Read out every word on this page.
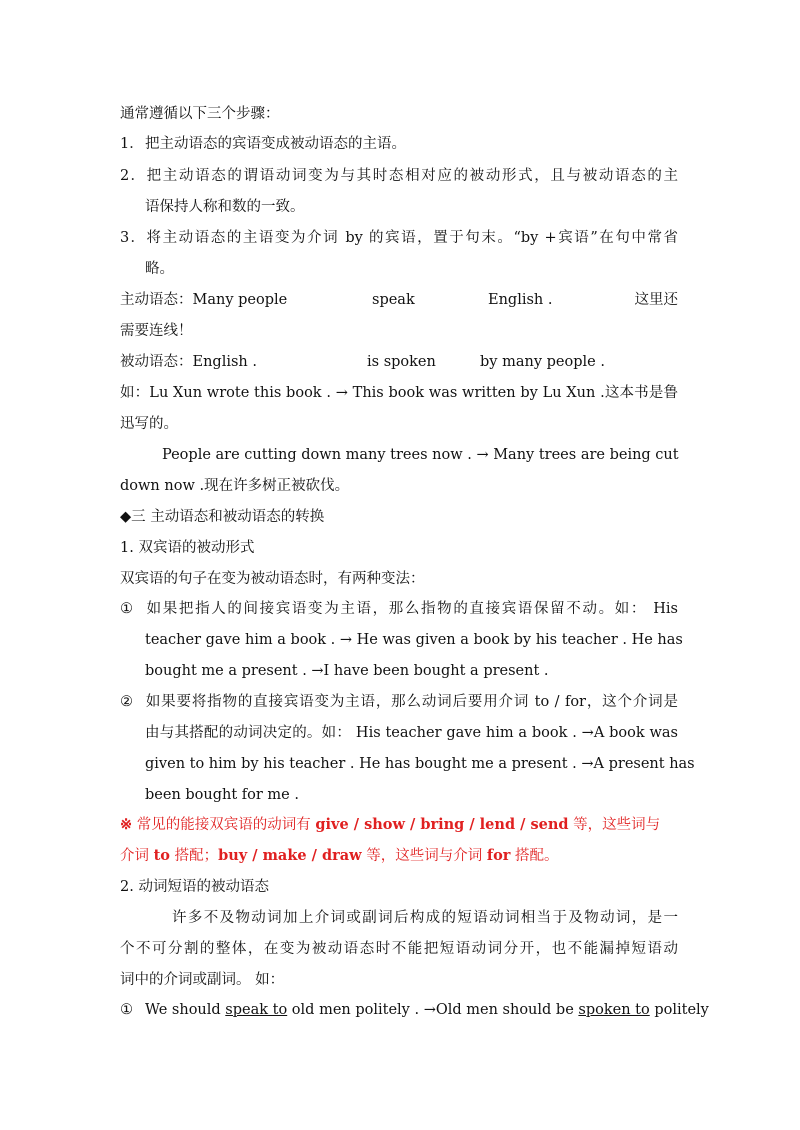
通常遵循以下三个步骤：
1．把主动语态的宾语变成被动语态的主语。
2．把主动语态的谓语动词变为与其时态相对应的被动形式，且与被动语态的主
语保持人称和数的一致。
3．将主动语态的主语变为介词 by 的宾语，置于句末。“by +宾语”在句中常省
略。
主动语态：Many people	speak	English .	这里还
需要连线！
被动语态：English .	is spoken	by many people .
如：Lu Xun wrote this book . → This book was written by Lu Xun .这本书是鲁
迅写的。
People are cutting down many trees now . → Many trees are being cut
down now .现在许多树正被砍伐。
◆三 主动语态和被动语态的转换
1. 双宾语的被动形式
双宾语的句子在变为被动语态时，有两种变法：
① 如果把指人的间接宾语变为主语，那么指物的直接宾语保留不动。如： His
teacher gave him a book . → He was given a book by his teacher . He has
bought me a present . →I have been bought a present .
② 如果要将指物的直接宾语变为主语，那么动词后要用介词 to / for，这个介词是
由与其搭配的动词决定的。如： His teacher gave him a book . →A book was
given to him by his teacher . He has bought me a present . →A present has
been bought for me .
※ 常见的能接双宾语的动词有 give / show / bring / lend / send 等，这些词与
介词 to 搭配；buy / make / draw 等，这些词与介词 for 搭配。
2. 动词短语的被动语态
许多不及物动词加上介词或副词后构成的短语动词相当于及物动词，是一
个不可分割的整体，在变为被动语态时不能把短语动词分开，也不能漏掉短语动
词中的介词或副词。 如：
① We should speak to old men politely . →Old men should be spoken to politely
